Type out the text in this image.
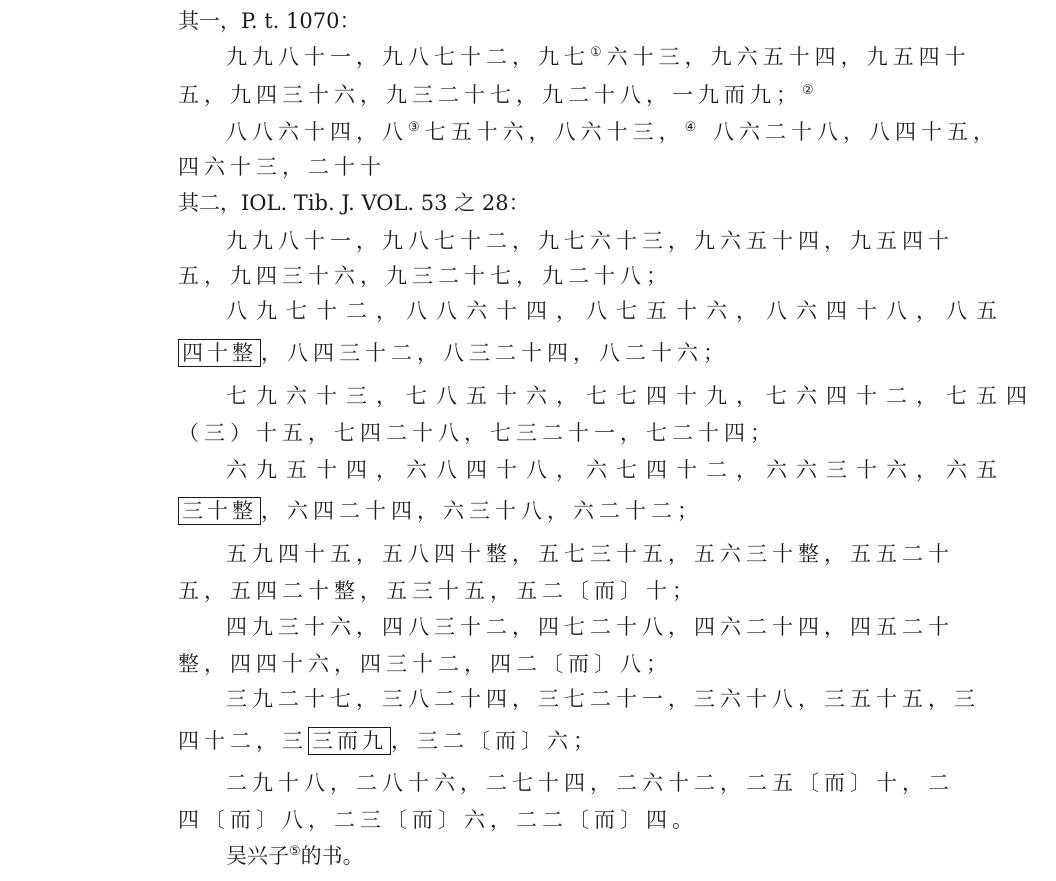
其一，P. t. 1070：
九九八十一，九八七十二，九七①六十三，九六五十四，九五四十
五，九四三十六，九三二十七，九二十八，一九而九；②
八八六十四，八③七五十六，八六十三，④ 八六二十八，八四十五，
四六十三，二十十
其二，IOL. Tib. J. VOL. 53 之 28：
九九八十一，九八七十二，九七六十三，九六五十四，九五四十
五，九四三十六，九三二十七，九二十八；
八九七十二，八八六十四，八七五十六，八六四十八，八五
四十整 ，八四三十二，八三二十四，八二十六；
七九六十三，七八五十六，七七四十九，七六四十二，七五四
（三）十五，七四二十八，七三二十一，七二十四；
六九五十四，六八四十八，六七四十二，六六三十六，六五
三十整 ，六四二十四，六三十八，六二十二；
五九四十五，五八四十整，五七三十五，五六三十整，五五二十
五，五四二十整，五三十五，五二〔而〕十；
四九三十六，四八三十二，四七二十八，四六二十四，四五二十
整，四四十六，四三十二，四二〔而〕八；
三九二十七，三八二十四，三七二十一，三六十八，三五十五，三
四十二，三 三而九 ，三二〔而〕六；
二九十八，二八十六，二七十四，二六十二，二五〔而〕十，二
四〔而〕八，二三〔而〕六，二二〔而〕四。
吴兴子⑤的书。
